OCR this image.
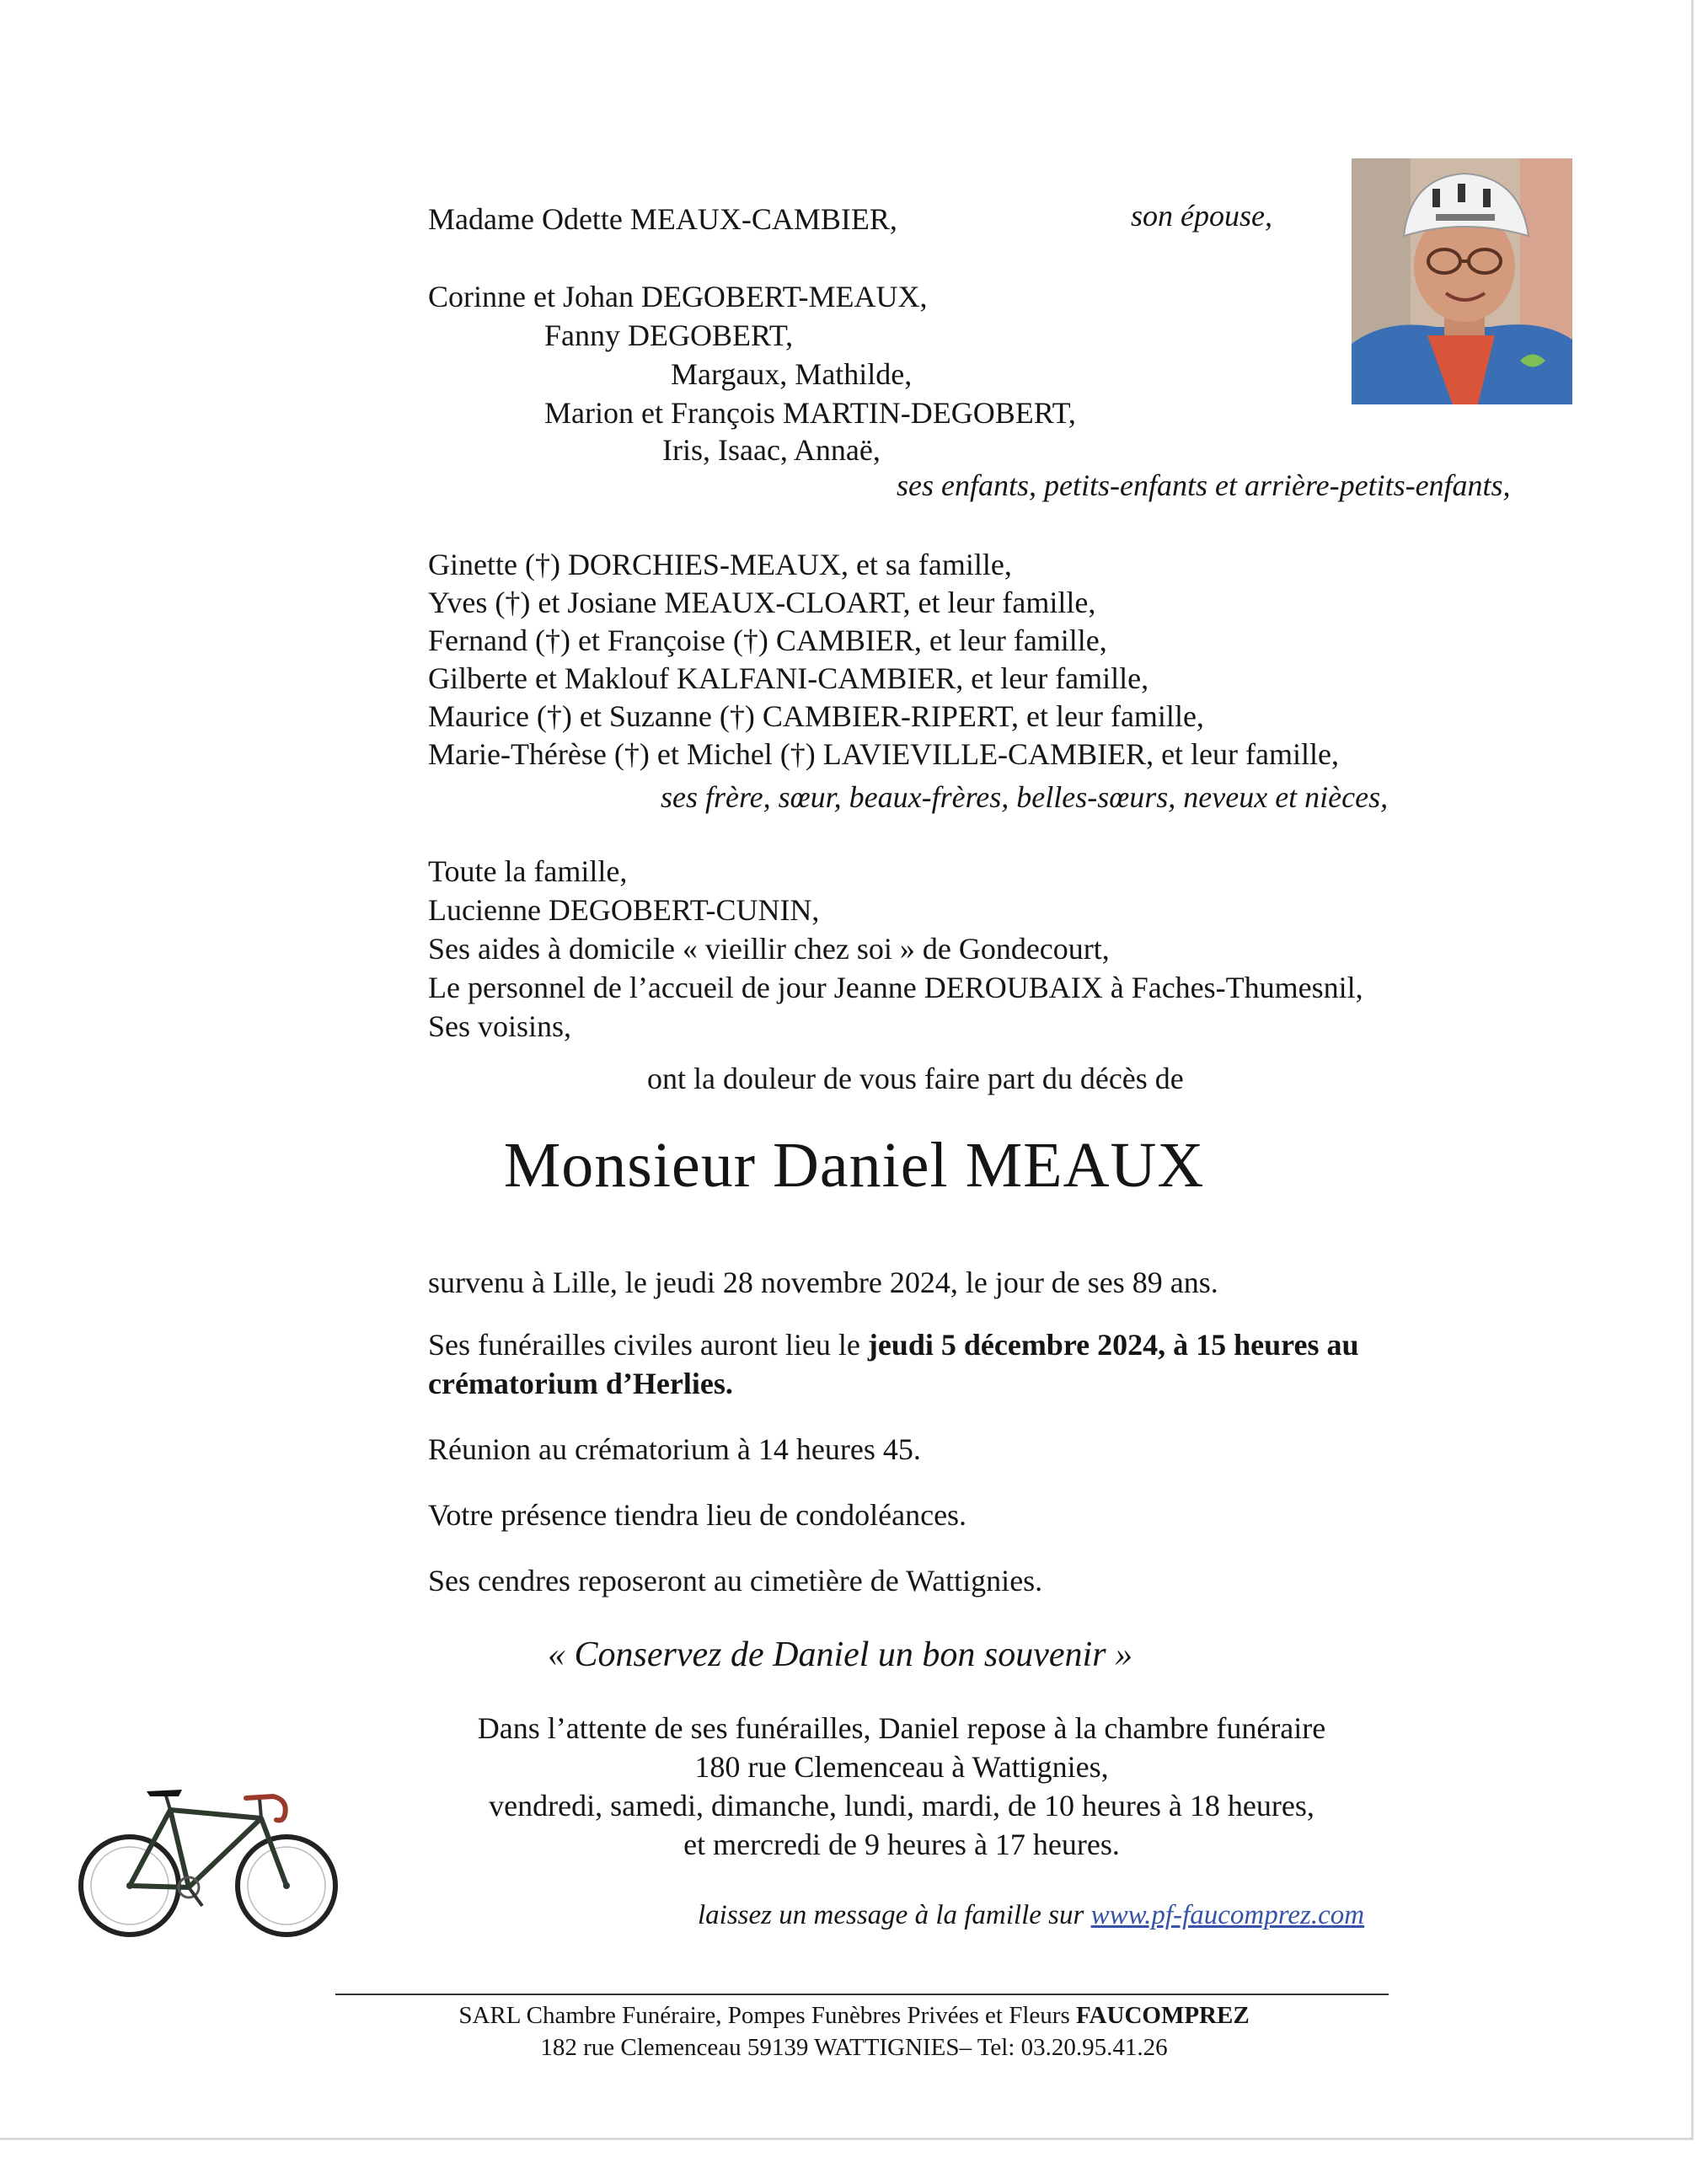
Madame Odette MEAUX-CAMBIER,	son épouse,
Corinne et Johan DEGOBERT-MEAUX,
Fanny DEGOBERT,
Margaux, Mathilde,
Marion et François MARTIN-DEGOBERT,
Iris, Isaac, Annaë,
ses enfants, petits-enfants et arrière-petits-enfants,
Ginette (†) DORCHIES-MEAUX, et sa famille,
Yves (†) et Josiane MEAUX-CLOART, et leur famille,
Fernand (†) et Françoise (†) CAMBIER, et leur famille,
Gilberte et Maklouf KALFANI-CAMBIER, et leur famille,
Maurice (†) et Suzanne (†) CAMBIER-RIPERT, et leur famille,
Marie-Thérèse (†) et Michel (†) LAVIEVILLE-CAMBIER, et leur famille,
ses frère, sœur, beaux-frères, belles-sœurs, neveux et nièces,
Toute la famille,
Lucienne DEGOBERT-CUNIN,
Ses aides à domicile « vieillir chez soi » de Gondecourt,
Le personnel de l’accueil de jour Jeanne DEROUBAIX à Faches-Thumesnil,
Ses voisins,
ont la douleur de vous faire part du décès de
Monsieur Daniel MEAUX
survenu à Lille, le jeudi 28 novembre 2024, le jour de ses 89 ans.
Ses funérailles civiles auront lieu le jeudi 5 décembre 2024, à 15 heures au
crématorium d’Herlies.
Réunion au crématorium à 14 heures 45.
Votre présence tiendra lieu de condoléances.
Ses cendres reposeront au cimetière de Wattignies.
« Conservez de Daniel un bon souvenir »
Dans l’attente de ses funérailles, Daniel repose à la chambre funéraire
180 rue Clemenceau à Wattignies,
vendredi, samedi, dimanche, lundi, mardi, de 10 heures à 18 heures,
et mercredi de 9 heures à 17 heures.
laissez un message à la famille sur www.pf-faucomprez.com
SARL Chambre Funéraire, Pompes Funèbres Privées et Fleurs FAUCOMPREZ
182 rue Clemenceau 59139 WATTIGNIES– Tel: 03.20.95.41.26
